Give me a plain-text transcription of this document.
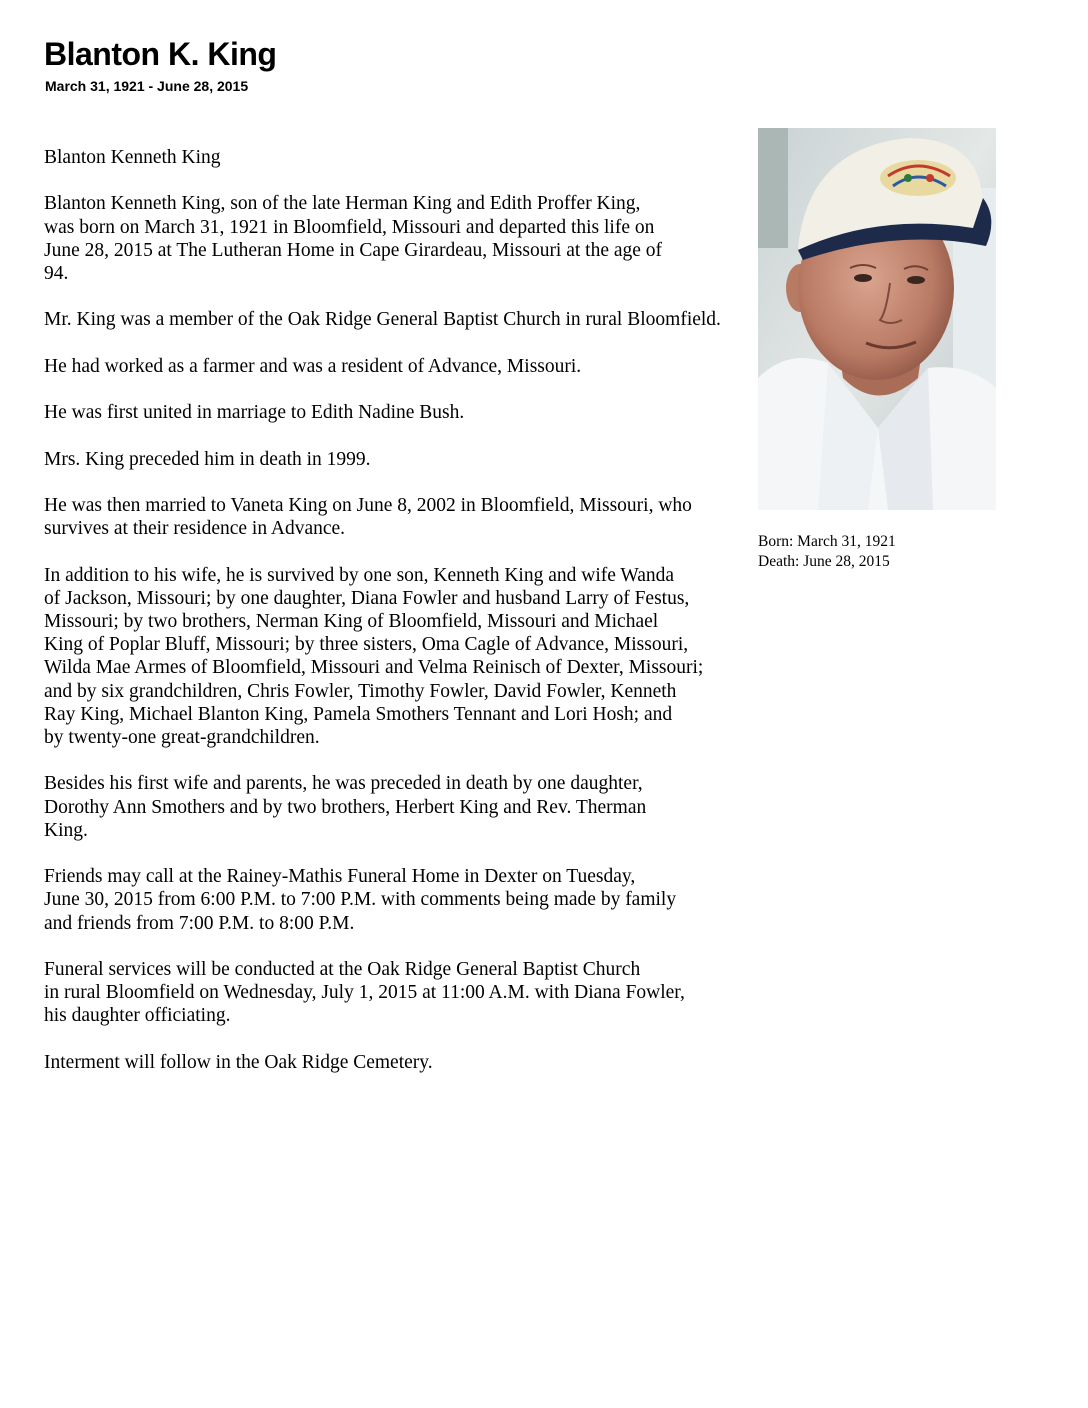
Blanton K. King
March 31, 1921 - June 28, 2015

Blanton Kenneth King

Blanton Kenneth King, son of the late Herman King and Edith Proffer King,
was born on March 31, 1921 in Bloomfield, Missouri and departed this life on
June 28, 2015 at The Lutheran Home in Cape Girardeau, Missouri at the age of
94.

Mr. King was a member of the Oak Ridge General Baptist Church in rural Bloomfield.

He had worked as a farmer and was a resident of Advance, Missouri.

He was first united in marriage to Edith Nadine Bush.

Mrs. King preceded him in death in 1999.

He was then married to Vaneta King on June 8, 2002 in Bloomfield, Missouri, who
survives at their residence in Advance.

In addition to his wife, he is survived by one son, Kenneth King and wife Wanda
of Jackson, Missouri; by one daughter, Diana Fowler and husband Larry of Festus,
Missouri; by two brothers, Nerman King of Bloomfield, Missouri and Michael
King of Poplar Bluff, Missouri; by three sisters, Oma Cagle of Advance, Missouri,
Wilda Mae Armes of Bloomfield, Missouri and Velma Reinisch of Dexter, Missouri;
and by six grandchildren, Chris Fowler, Timothy Fowler, David Fowler, Kenneth
Ray King, Michael Blanton King, Pamela Smothers Tennant and Lori Hosh; and
by twenty-one great-grandchildren.

Besides his first wife and parents, he was preceded in death by one daughter,
Dorothy Ann Smothers and by two brothers, Herbert King and Rev. Therman
King.

Friends may call at the Rainey-Mathis Funeral Home in Dexter on Tuesday,
June 30, 2015 from 6:00 P.M. to 7:00 P.M. with comments being made by family
and friends from 7:00 P.M. to 8:00 P.M.

Funeral services will be conducted at the Oak Ridge General Baptist Church
in rural Bloomfield on Wednesday, July 1, 2015 at 11:00 A.M. with Diana Fowler,
his daughter officiating.

Interment will follow in the Oak Ridge Cemetery.

Born: March 31, 1921
Death: June 28, 2015
